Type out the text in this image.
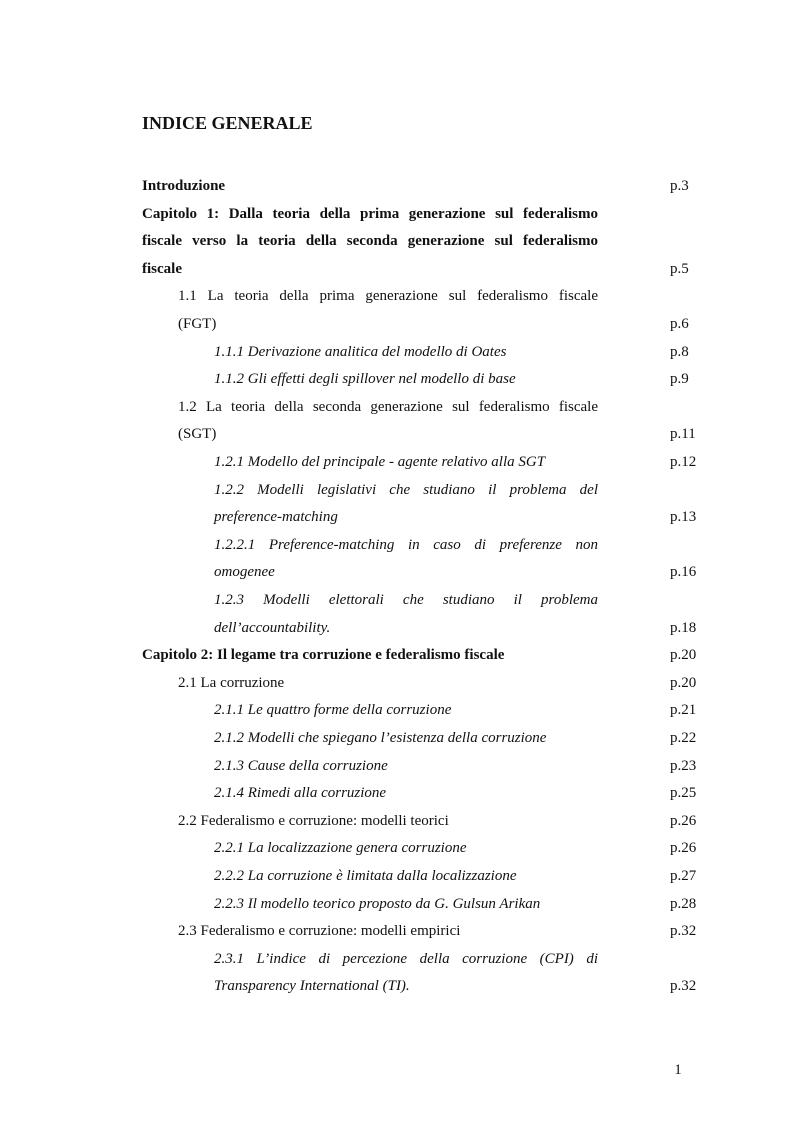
INDICE GENERALE
Introduzione	p.3
Capitolo 1: Dalla teoria della prima generazione sul federalismo
fiscale verso la teoria della seconda generazione sul federalismo
fiscale	p.5
1.1 La teoria della prima generazione sul federalismo fiscale
(FGT)	p.6
1.1.1 Derivazione analitica del modello di Oates	p.8
1.1.2 Gli effetti degli spillover nel modello di base	p.9
1.2 La teoria della seconda generazione sul federalismo fiscale
(SGT)	p.11
1.2.1 Modello del principale - agente relativo alla SGT	p.12
1.2.2 Modelli legislativi che studiano il problema del
preference-matching	p.13
1.2.2.1 Preference-matching in caso di preferenze non
omogenee	p.16
1.2.3 Modelli elettorali che studiano il problema
dell’accountability.	p.18
Capitolo 2: Il legame tra corruzione e federalismo fiscale	p.20
2.1 La corruzione	p.20
2.1.1 Le quattro forme della corruzione	p.21
2.1.2 Modelli che spiegano l’esistenza della corruzione	p.22
2.1.3 Cause della corruzione	p.23
2.1.4 Rimedi alla corruzione	p.25
2.2 Federalismo e corruzione: modelli teorici	p.26
2.2.1 La localizzazione genera corruzione	p.26
2.2.2 La corruzione è limitata dalla localizzazione	p.27
2.2.3 Il modello teorico proposto da G. Gulsun Arikan	p.28
2.3 Federalismo e corruzione: modelli empirici	p.32
2.3.1 L’indice di percezione della corruzione (CPI) di
Transparency International (TI).	p.32
1
